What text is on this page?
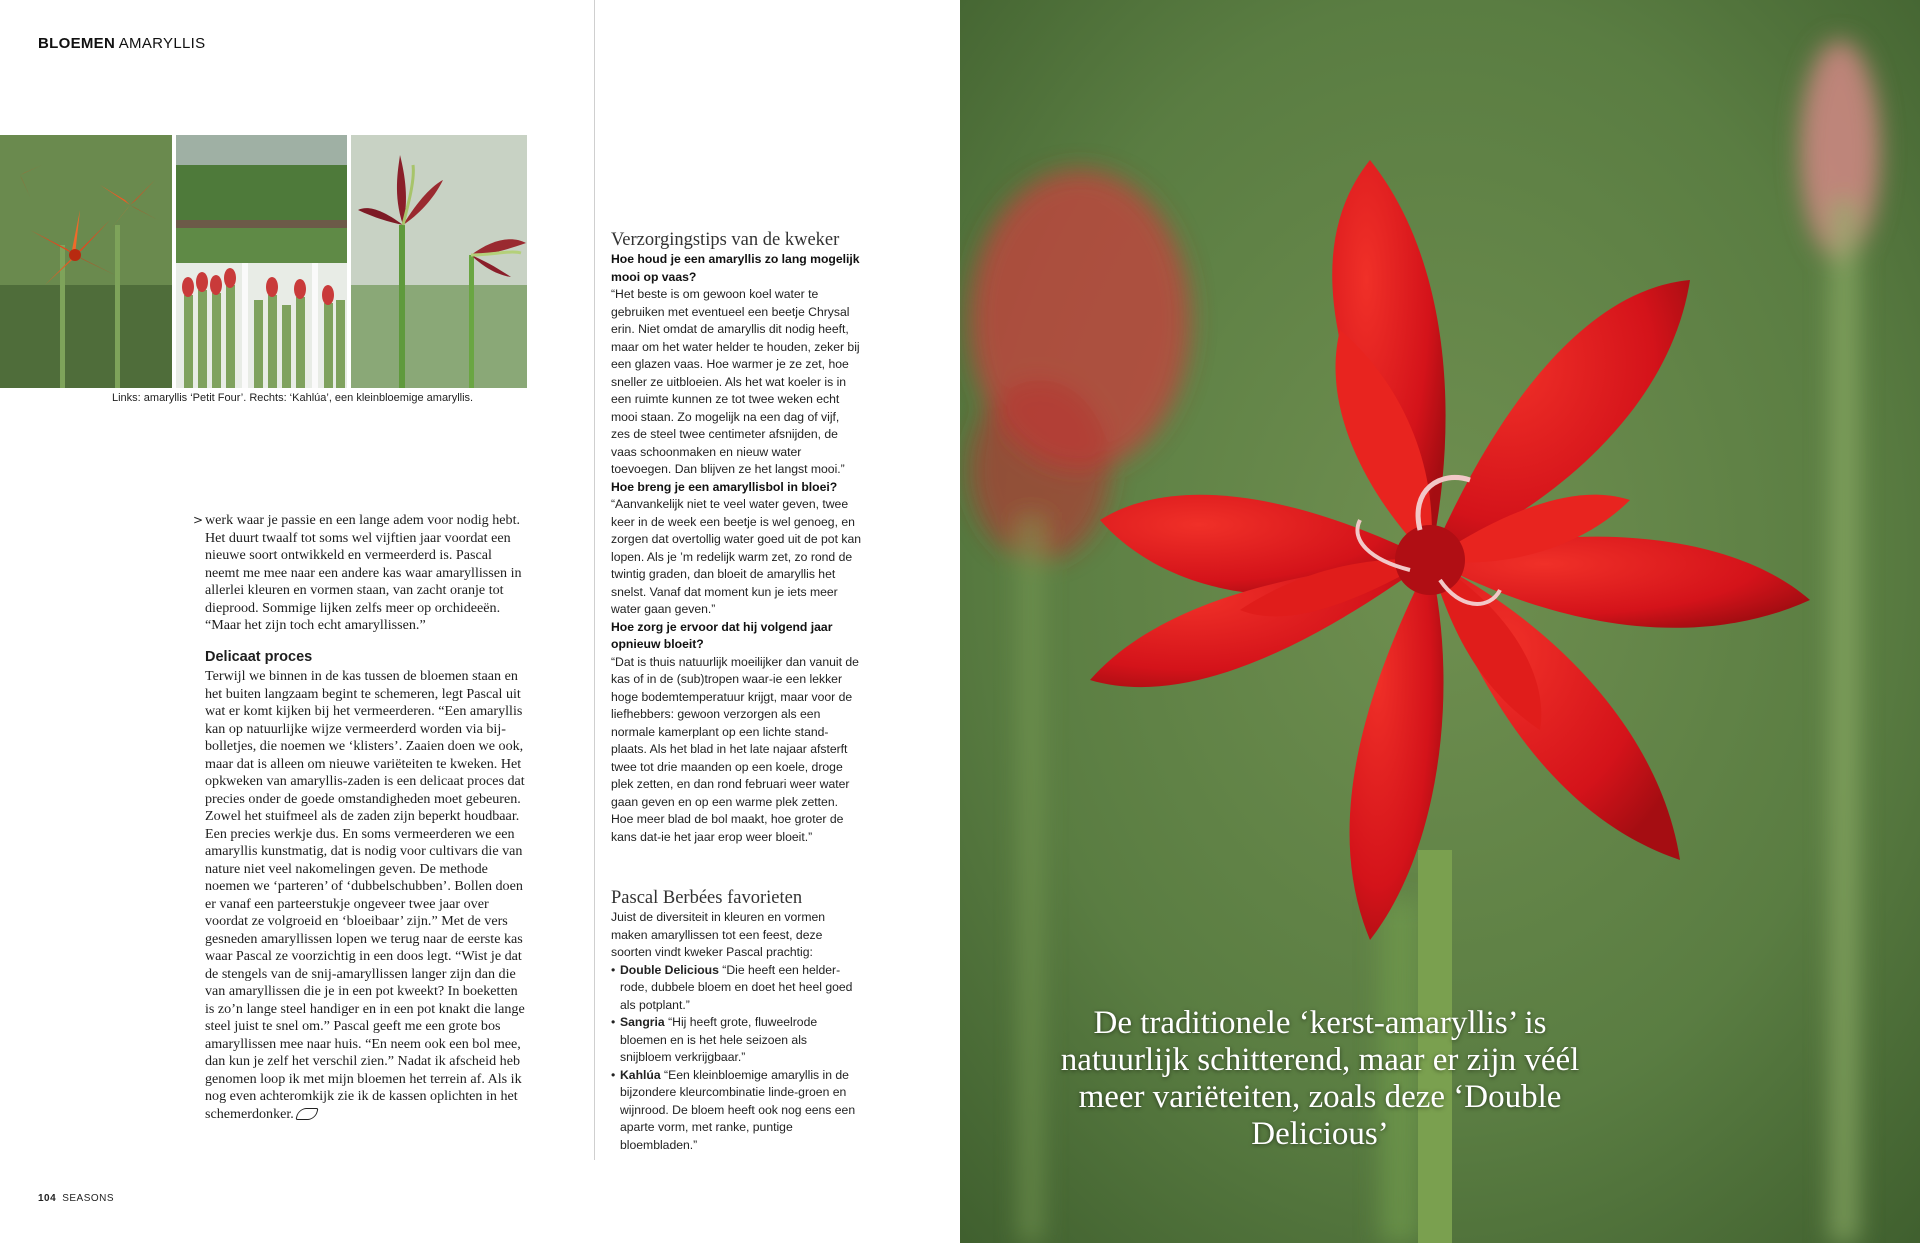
BLOEMEN AMARYLLIS
Links: amaryllis ‘Petit Four’. Rechts: ‘Kahlúa’, een kleinbloemige amaryllis.
> werk waar je passie en een lange adem voor nodig hebt. Het duurt twaalf tot soms wel vijftien jaar voordat een nieuwe soort ontwikkeld en vermeerderd is. Pascal neemt me mee naar een andere kas waar amaryllissen in allerlei kleuren en vormen staan, van zacht oranje tot dieprood. Sommige lijken zelfs meer op orchideeën. “Maar het zijn toch echt amaryllissen.”

Delicaat proces

Terwijl we binnen in de kas tussen de bloemen staan en het buiten langzaam begint te schemeren, legt Pascal uit wat er komt kijken bij het vermeerderen. “Een amaryllis kan op natuurlijke wijze vermeerderd worden via bij-bolletjes, die noemen we ‘klisters’. Zaaien doen we ook, maar dat is alleen om nieuwe variëteiten te kweken. Het opkweken van amaryllis-zaden is een delicaat proces dat precies onder de goede omstandigheden moet gebeuren. Zowel het stuifmeel als de zaden zijn beperkt houdbaar. Een precies werkje dus. En soms vermeerderen we een amaryllis kunstmatig, dat is nodig voor cultivars die van nature niet veel nakomelingen geven. De methode noemen we ‘parteren’ of ‘dubbelschubben’. Bollen doen er vanaf een parteerstukje ongeveer twee jaar over voordat ze volgroeid en ‘bloeibaar’ zijn.” Met de vers gesneden amaryllissen lopen we terug naar de eerste kas waar Pascal ze voorzichtig in een doos legt. “Wist je dat de stengels van de snij-amaryllissen langer zijn dan die van amaryllissen die je in een pot kweekt? In boeketten is zo’n lange steel handiger en in een pot knakt die lange steel juist te snel om.” Pascal geeft me een grote bos amaryllissen mee naar huis. “En neem ook een bol mee, dan kun je zelf het verschil zien.” Nadat ik afscheid heb genomen loop ik met mijn bloemen het terrein af. Als ik nog even achteromkijk zie ik de kassen oplichten in het schemerdonker.

Verzorgingstips van de kweker

Hoe houd je een amaryllis zo lang mogelijk mooi op vaas?

“Het beste is om gewoon koel water te gebruiken met eventueel een beetje Chrysal erin. Niet omdat de amaryllis dit nodig heeft, maar om het water helder te houden, zeker bij een glazen vaas. Hoe warmer je ze zet, hoe sneller ze uitbloeien. Als het wat koeler is in een ruimte kunnen ze tot twee weken echt mooi staan. Zo mogelijk na een dag of vijf, zes de steel twee centimeter afsnijden, de vaas schoonmaken en nieuw water toevoegen. Dan blijven ze het langst mooi.”

Hoe breng je een amaryllisbol in bloei?

“Aanvankelijk niet te veel water geven, twee keer in de week een beetje is wel genoeg, en zorgen dat overtollig water goed uit de pot kan lopen. Als je ’m redelijk warm zet, zo rond de twintig graden, dan bloeit de amaryllis het snelst. Vanaf dat moment kun je iets meer water gaan geven.”

Hoe zorg je ervoor dat hij volgend jaar opnieuw bloeit?

“Dat is thuis natuurlijk moeilijker dan vanuit de kas of in de (sub)tropen waar-ie een lekker hoge bodemtemperatuur krijgt, maar voor de liefhebbers: gewoon verzorgen als een normale kamerplant op een lichte stand-plaats. Als het blad in het late najaar afsterft twee tot drie maanden op een koele, droge plek zetten, en dan rond februari weer water gaan geven en op een warme plek zetten. Hoe meer blad de bol maakt, hoe groter de kans dat-ie het jaar erop weer bloeit.”

Pascal Berbées favorieten

Juist de diversiteit in kleuren en vormen maken amaryllissen tot een feest, deze soorten vindt kweker Pascal prachtig:

• Double Delicious “Die heeft een helder-rode, dubbele bloem en doet het heel goed als potplant.”
• Sangria “Hij heeft grote, fluweelrode bloemen en is het hele seizoen als snijbloem verkrijgbaar.”
• Kahlúa “Een kleinbloemige amaryllis in de bijzondere kleurcombinatie linde-groen en wijnrood. De bloem heeft ook nog eens een aparte vorm, met ranke, puntige bloembladen.”
104 SEASONS
De traditionele ‘kerst-amaryllis’ is natuurlijk schitterend, maar er zijn véél meer variëteiten, zoals deze ‘Double Delicious’
